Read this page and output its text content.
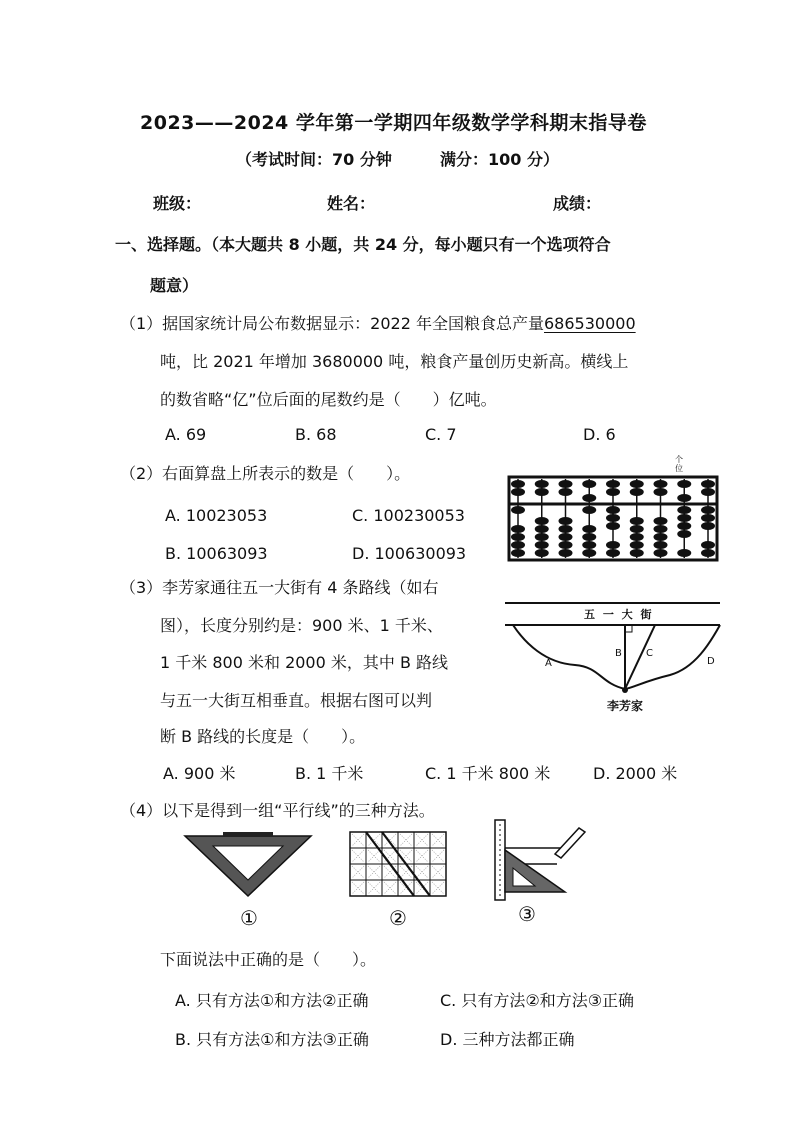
2023——2024 学年第一学期四年级数学学科期末指导卷
（考试时间：70 分钟	满分：100 分）
班级：	姓名：	成绩：
一、选择题。（本大题共 8 小题，共 24 分，每小题只有一个选项符合
题意）
（1）据国家统计局公布数据显示：2022 年全国粮食总产量686530000
吨，比 2021 年增加 3680000 吨，粮食产量创历史新高。横线上
的数省略“亿”位后面的尾数约是（　　）亿吨。
A. 69	B. 68	C. 7	D. 6
（2）右面算盘上所表示的数是（　　）。
A. 10023053	C. 100230053
B. 10063093	D. 100630093
个
位
（3）李芳家通往五一大街有 4 条路线（如右
图），长度分别约是：900 米、1 千米、
1 千米 800 米和 2000 米，其中 B 路线
与五一大街互相垂直。根据右图可以判
断 B 路线的长度是（　　）。
A. 900 米	B. 1 千米	C. 1 千米 800 米	D. 2000 米
五 一 大 街
A
B C
D
李芳家
（4）以下是得到一组“平行线”的三种方法。
①	②	③
下面说法中正确的是（　　）。
A. 只有方法①和方法②正确	C. 只有方法②和方法③正确
B. 只有方法①和方法③正确	D. 三种方法都正确
